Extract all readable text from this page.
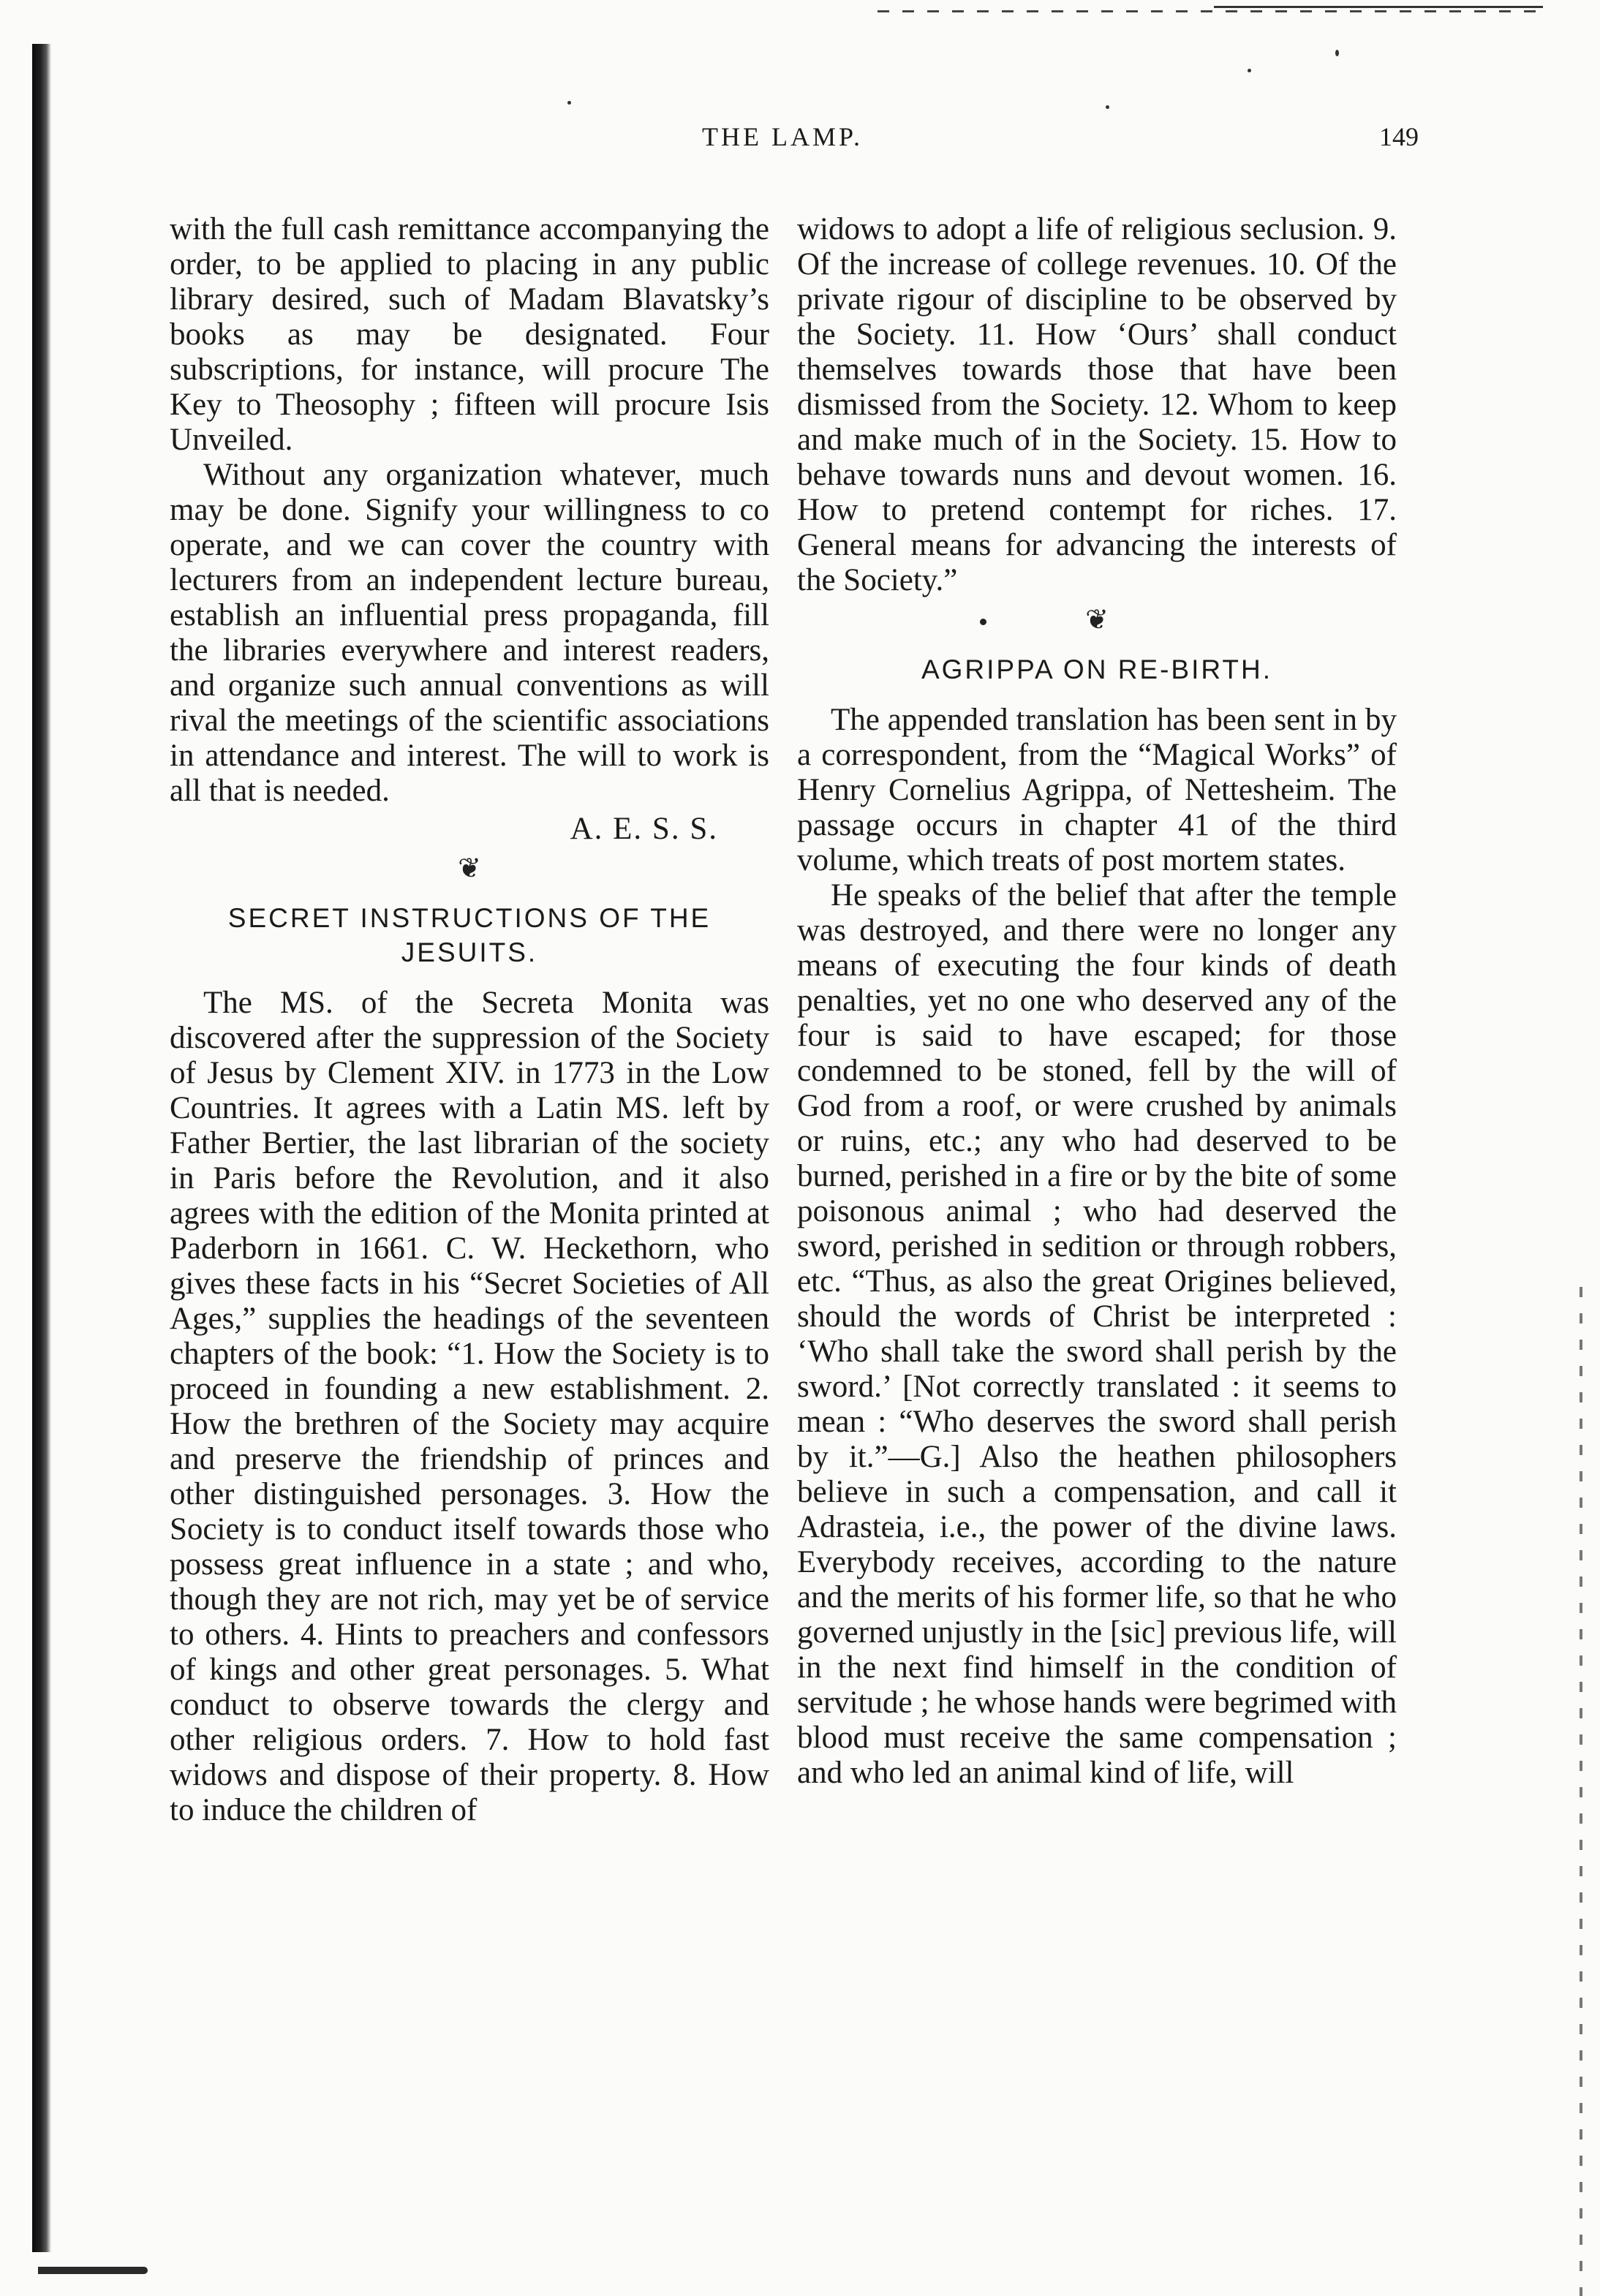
THE LAMP.	149

with the full cash remittance accompanying the order, to be applied to placing in any public library desired, such of Madam Blavatsky’s books as may be designated. Four subscriptions, for instance, will procure The Key to Theosophy ; fifteen will procure Isis Unveiled.

Without any organization whatever, much may be done. Signify your willingness to co operate, and we can cover the country with lecturers from an independent lecture bureau, establish an influential press propaganda, fill the libraries everywhere and interest readers, and organize such annual conventions as will rival the meetings of the scientific associations in attendance and interest. The will to work is all that is needed.

A. E. S. S.
❦
SECRET INSTRUCTIONS OF THE JESUITS.

The MS. of the Secreta Monita was discovered after the suppression of the Society of Jesus by Clement XIV. in 1773 in the Low Countries. It agrees with a Latin MS. left by Father Bertier, the last librarian of the society in Paris before the Revolution, and it also agrees with the edition of the Monita printed at Paderborn in 1661. C. W. Heckethorn, who gives these facts in his “Secret Societies of All Ages,” supplies the headings of the seventeen chapters of the book: “1. How the Society is to proceed in founding a new establishment. 2. How the brethren of the Society may acquire and preserve the friendship of princes and other distinguished personages. 3. How the Society is to conduct itself towards those who possess great influence in a state ; and who, though they are not rich, may yet be of service to others. 4. Hints to preachers and confessors of kings and other great personages. 5. What conduct to observe towards the clergy and other religious orders. 7. How to hold fast widows and dispose of their property. 8. How to induce the children of

widows to adopt a life of religious seclusion. 9. Of the increase of college revenues. 10. Of the private rigour of discipline to be observed by the Society. 11. How ‘Ours’ shall conduct themselves towards those that have been dismissed from the Society. 12. Whom to keep and make much of in the Society. 15. How to behave towards nuns and devout women. 16. How to pretend contempt for riches. 17. General means for advancing the interests of the Society.”

❦
AGRIPPA ON RE-BIRTH.

The appended translation has been sent in by a correspondent, from the “Magical Works” of Henry Cornelius Agrippa, of Nettesheim. The passage occurs in chapter 41 of the third volume, which treats of post mortem states.

He speaks of the belief that after the temple was destroyed, and there were no longer any means of executing the four kinds of death penalties, yet no one who deserved any of the four is said to have escaped; for those condemned to be stoned, fell by the will of God from a roof, or were crushed by animals or ruins, etc.; any who had deserved to be burned, perished in a fire or by the bite of some poisonous animal ; who had deserved the sword, perished in sedition or through robbers, etc. “Thus, as also the great Origines believed, should the words of Christ be interpreted : ‘Who shall take the sword shall perish by the sword.’ [Not correctly translated : it seems to mean : “Who deserves the sword shall perish by it.”—G.] Also the heathen philosophers believe in such a compensation, and call it Adrasteia, i.e., the power of the divine laws. Everybody receives, according to the nature and the merits of his former life, so that he who governed unjustly in the [sic] previous life, will in the next find himself in the condition of servitude ; he whose hands were begrimed with blood must receive the same compensation ; and who led an animal kind of life, will
